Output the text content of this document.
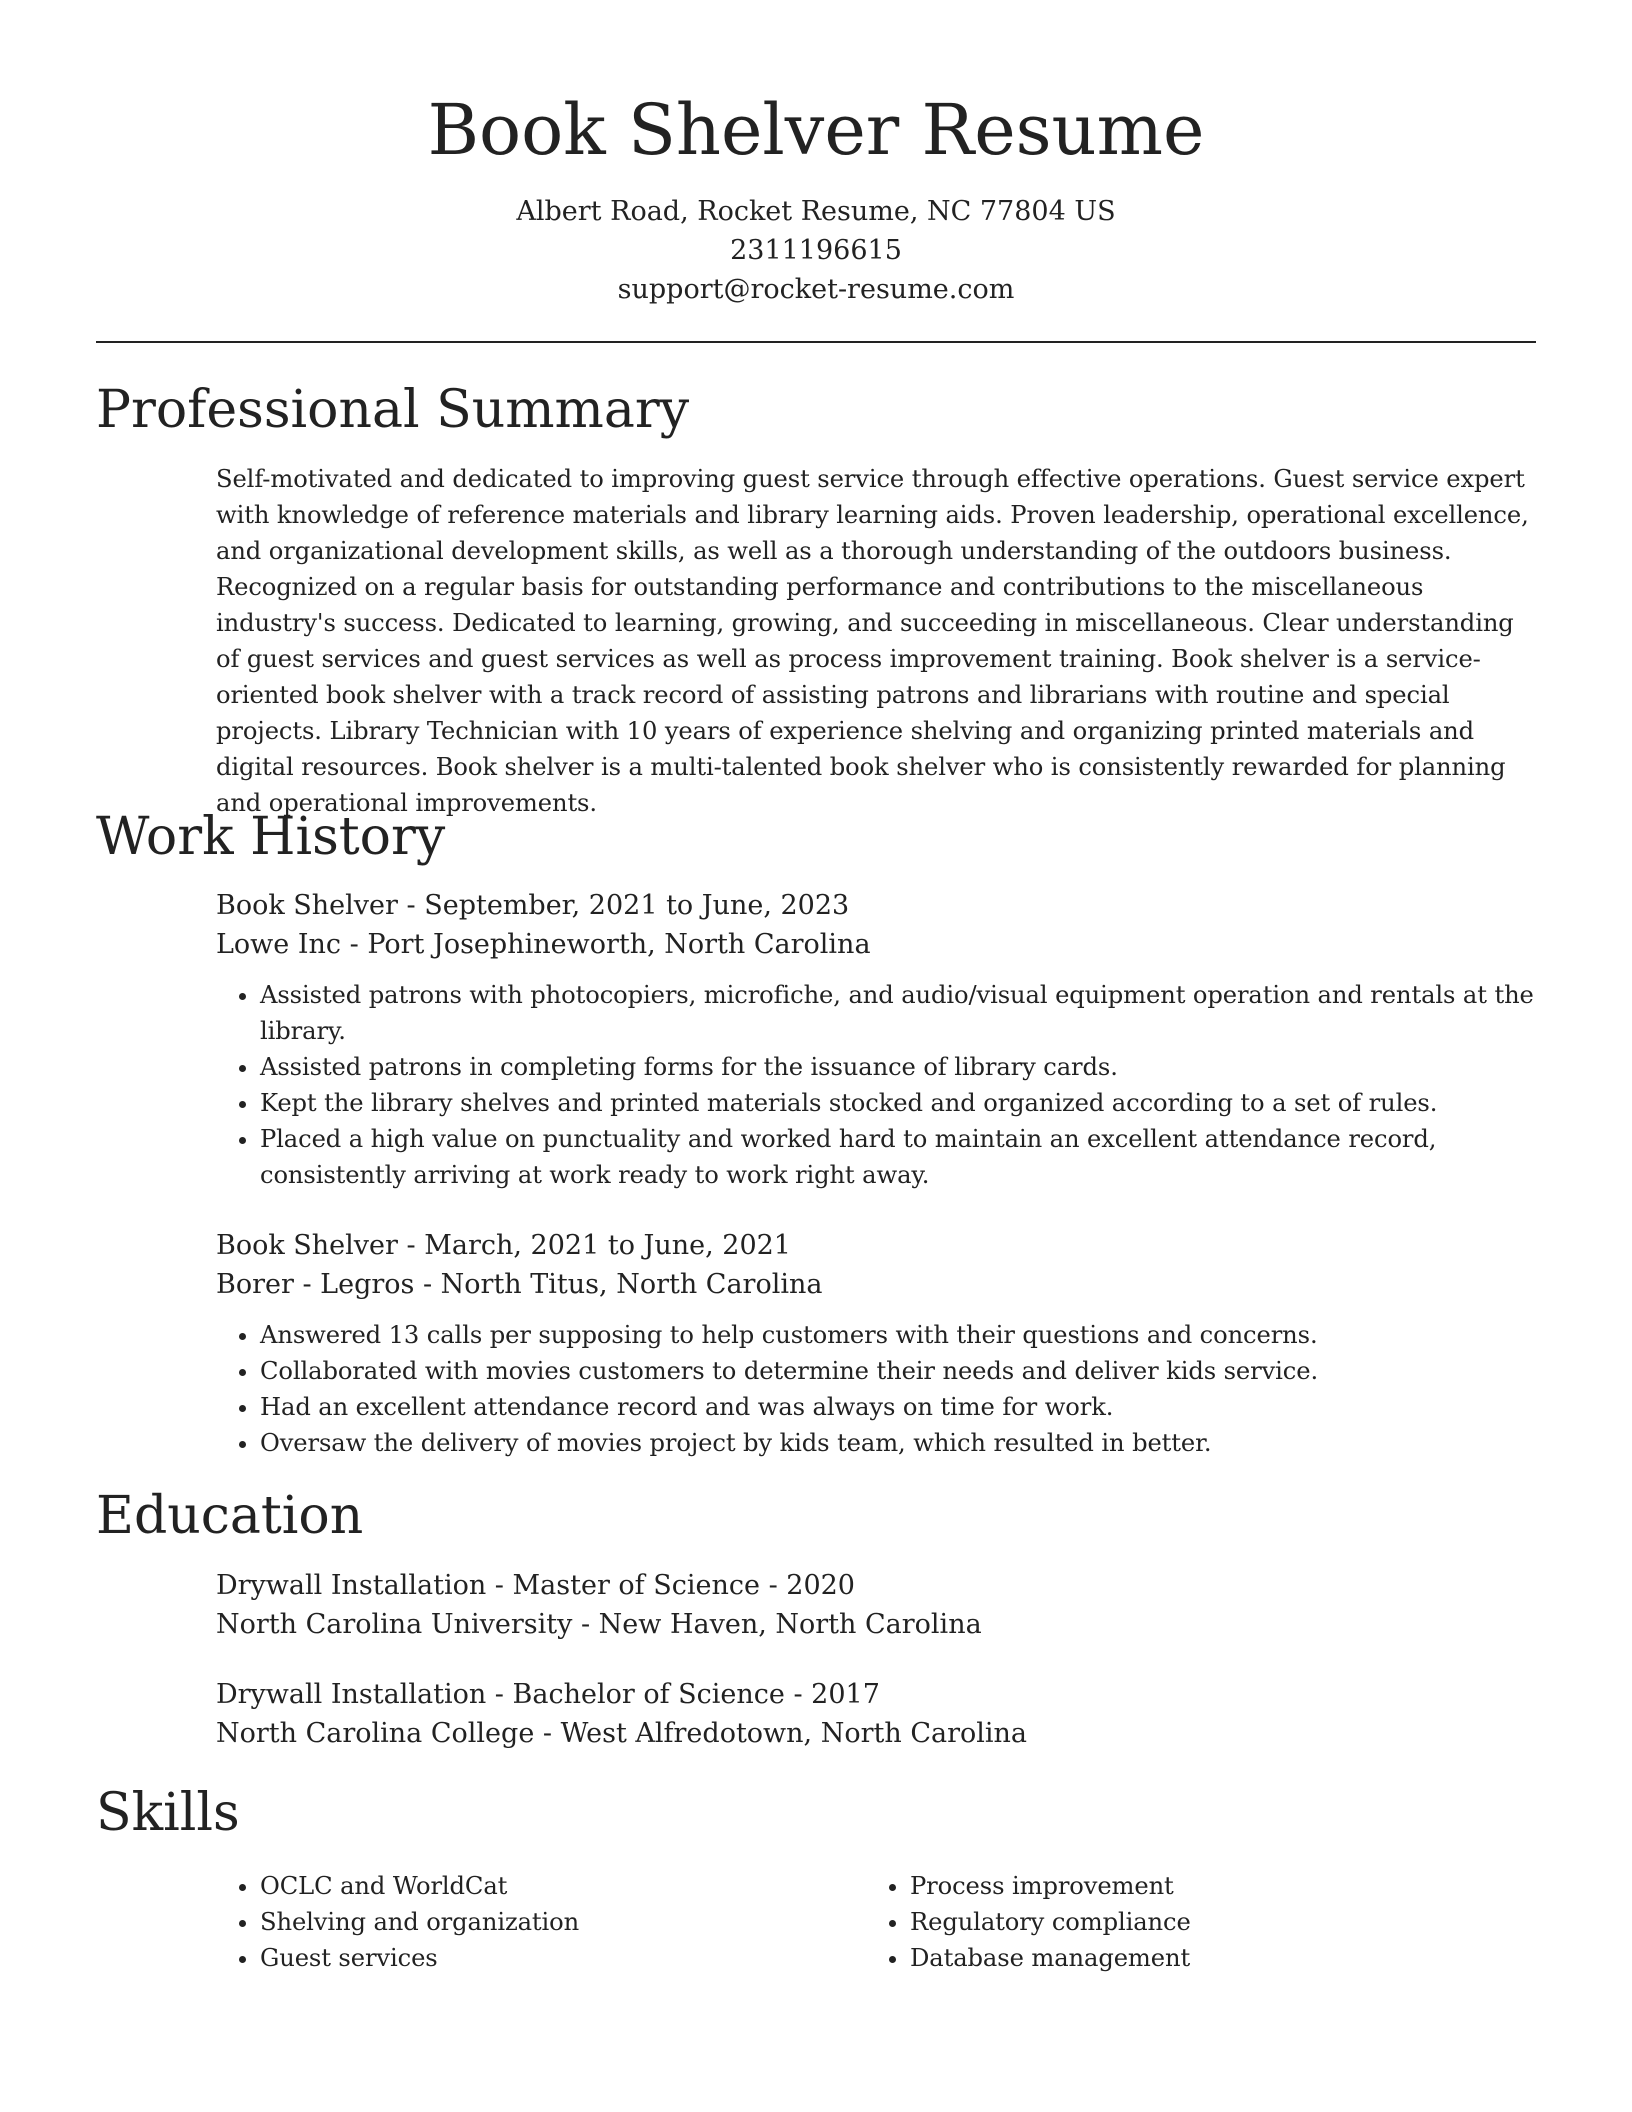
Book Shelver Resume
Albert Road, Rocket Resume, NC 77804 US
2311196615
support@rocket-resume.com
Professional Summary

Self-motivated and dedicated to improving guest service through effective operations. Guest service expert with knowledge of reference materials and library learning aids. Proven leadership, operational excellence, and organizational development skills, as well as a thorough understanding of the outdoors business. Recognized on a regular basis for outstanding performance and contributions to the miscellaneous industry's success. Dedicated to learning, growing, and succeeding in miscellaneous. Clear understanding of guest services and guest services as well as process improvement training. Book shelver is a service-oriented book shelver with a track record of assisting patrons and librarians with routine and special projects. Library Technician with 10 years of experience shelving and organizing printed materials and digital resources. Book shelver is a multi-talented book shelver who is consistently rewarded for planning and operational improvements.

Work History
Book Shelver - September, 2021 to June, 2023
Lowe Inc - Port Josephineworth, North Carolina
• Assisted patrons with photocopiers, microfiche, and audio/visual equipment operation and rentals at the library.
• Assisted patrons in completing forms for the issuance of library cards.
• Kept the library shelves and printed materials stocked and organized according to a set of rules.
• Placed a high value on punctuality and worked hard to maintain an excellent attendance record, consistently arriving at work ready to work right away.
Book Shelver - March, 2021 to June, 2021
Borer - Legros - North Titus, North Carolina
• Answered 13 calls per supposing to help customers with their questions and concerns.
• Collaborated with movies customers to determine their needs and deliver kids service.
• Had an excellent attendance record and was always on time for work.
• Oversaw the delivery of movies project by kids team, which resulted in better.
Education
Drywall Installation - Master of Science - 2020
North Carolina University - New Haven, North Carolina
Drywall Installation - Bachelor of Science - 2017
North Carolina College - West Alfredotown, North Carolina
Skills
• OCLC and WorldCat
• Shelving and organization
• Guest services
• Process improvement
• Regulatory compliance
• Database management
